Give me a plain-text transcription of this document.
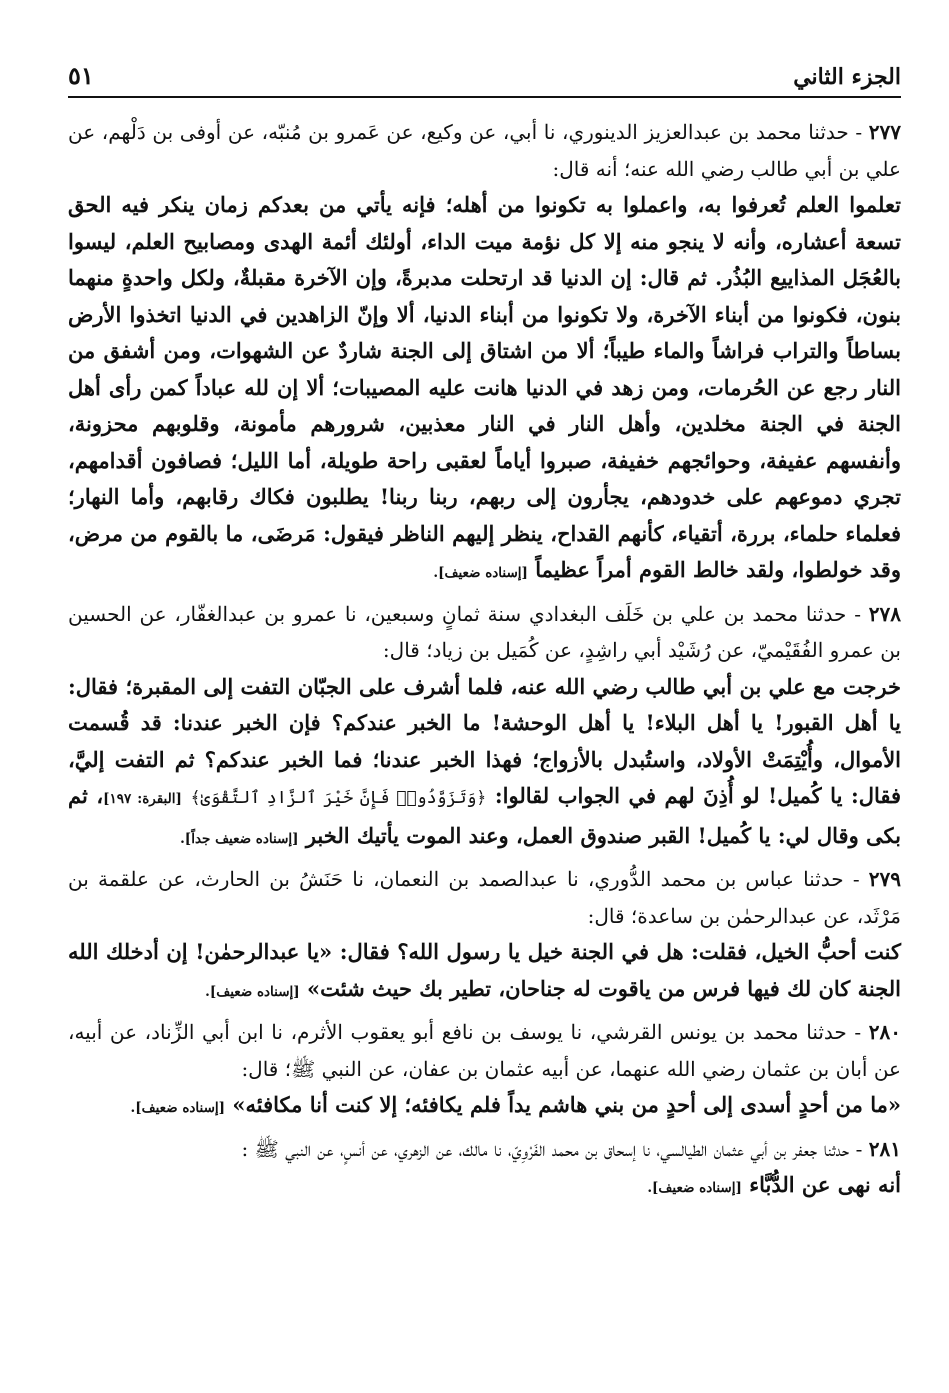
الجزء الثاني
٥١

٢٧٧ - حدثنا محمد بن عبدالعزيز الدينوري، نا أبي، عن وكيع، عن عَمرو بن مُنبّه، عن أوفى بن دَلْهم، عن علي بن أبي طالب رضي الله عنه؛ أنه قال:

تعلموا العلم تُعرفوا به، واعملوا به تكونوا من أهله؛ فإنه يأتي من بعدكم زمان ينكر فيه الحق تسعة أعشاره، وأنه لا ينجو منه إلا كل نؤمة ميت الداء، أولئك أئمة الهدى ومصابيح العلم، ليسوا بالعُجَل المذاييع البُذُر. ثم قال: إن الدنيا قد ارتحلت مدبرةً، وإن الآخرة مقبلةٌ، ولكل واحدةٍ منهما بنون، فكونوا من أبناء الآخرة، ولا تكونوا من أبناء الدنيا، ألا وإنّ الزاهدين في الدنيا اتخذوا الأرض بساطاً والتراب فراشاً والماء طيباً؛ ألا من اشتاق إلى الجنة شاردٌ عن الشهوات، ومن أشفق من النار رجع عن الحُرمات، ومن زهد في الدنيا هانت عليه المصيبات؛ ألا إن لله عباداً كمن رأى أهل الجنة في الجنة مخلدين، وأهل النار في النار معذبين، شرورهم مأمونة، وقلوبهم محزونة، وأنفسهم عفيفة، وحوائجهم خفيفة، صبروا أياماً لعقبى راحة طويلة، أما الليل؛ فصافون أقدامهم، تجري دموعهم على خدودهم، يجأرون إلى ربهم، ربنا ربنا! يطلبون فكاك رقابهم، وأما النهار؛ فعلماء حلماء، بررة، أتقياء، كأنهم القداح، ينظر إليهم الناظر فيقول: مَرضَى، ما بالقوم من مرض، وقد خولطوا، ولقد خالط القوم أمراً عظيماً [إسناده ضعيف].

٢٧٨ - حدثنا محمد بن علي بن خَلَف البغدادي سنة ثمانٍ وسبعين، نا عمرو بن عبدالغفّار، عن الحسين بن عمرو الفُقَيْميّ، عن رُشَيْد أبي راشِدٍ، عن كُمَيل بن زياد؛ قال:

خرجت مع علي بن أبي طالب رضي الله عنه، فلما أشرف على الجبّان التفت إلى المقبرة؛ فقال: يا أهل القبور! يا أهل البلاء! يا أهل الوحشة! ما الخبر عندكم؟ فإن الخبر عندنا: قد قُسمت الأموال، وأُيْتِمَتْ الأولاد، واستُبدل بالأزواج؛ فهذا الخبر عندنا؛ فما الخبر عندكم؟ ثم التفت إليَّ، فقال: يا كُميل! لو أُذِنَ لهم في الجواب لقالوا: ﴿وَتَزَوَّدُوا۟ فَإِنَّ خَيْرَ ٱلزَّادِ ٱلتَّقْوَىٰ﴾ [البقرة: ١٩٧]، ثم بكى وقال لي: يا كُميل! القبر صندوق العمل، وعند الموت يأتيك الخبر [إسناده ضعيف جداً].

٢٧٩ - حدثنا عباس بن محمد الدُّوري، نا عبدالصمد بن النعمان، نا حَنَشُ بن الحارث، عن علقمة بن مَرْثَد، عن عبدالرحمٰن بن ساعدة؛ قال:

كنت أحبُّ الخيل، فقلت: هل في الجنة خيل يا رسول الله؟ فقال: «يا عبدالرحمٰن! إن أدخلك الله الجنة كان لك فيها فرس من ياقوت له جناحان، تطير بك حيث شئت» [إسناده ضعيف].

٢٨٠ - حدثنا محمد بن يونس القرشي، نا يوسف بن نافع أبو يعقوب الأثرم، نا ابن أبي الزِّناد، عن أبيه، عن أبان بن عثمان رضي الله عنهما، عن أبيه عثمان بن عفان، عن النبي ﷺ؛ قال:

«ما من أحدٍ أسدى إلى أحدٍ من بني هاشم يداً فلم يكافئه؛ إلا كنت أنا مكافئه» [إسناده ضعيف].

٢٨١ - حدثنا جعفر بن أبي عثمان الطيالسي، نا إسحاق بن محمد الفَرْوِيّ، نا مالك، عن الزهري، عن أنسٍ، عن النبي ﷺ :

أنه نهى عن الدُّبَّاء [إسناده ضعيف].
